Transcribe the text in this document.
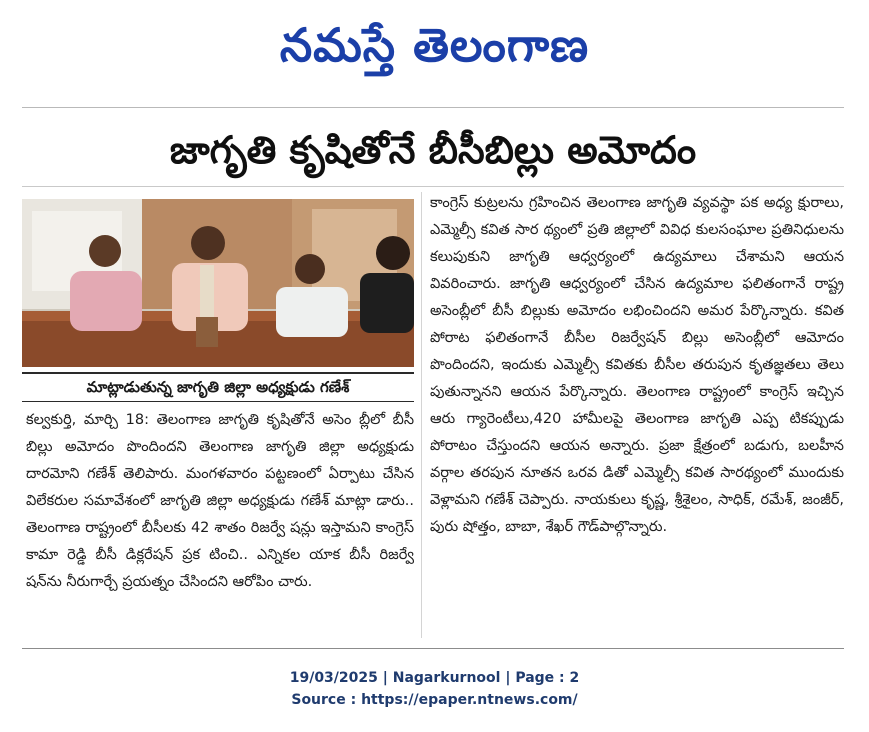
నమస్తే తెలంగాణ
జాగృతి కృషితోనే బీసీబిల్లు అమోదం
మాట్లాడుతున్న జాగృతి జిల్లా అధ్యక్షుడు గణేశ్
కల్వకుర్తి, మార్చి 18: తెలంగాణ జాగృతి కృషితోనే అసెం బ్లీలో బీసీ బిల్లు అమోదం పొందిందని తెలంగాణ జాగృతి జిల్లా అధ్యక్షుడు దారమోని గణేశ్ తెలిపారు. మంగళవారం పట్టణంలో ఏర్పాటు చేసిన విలేకరుల సమావేశంలో జాగృతి జిల్లా అధ్యక్షుడు గణేశ్ మాట్లా డారు.. తెలంగాణ రాష్ట్రంలో బీసీలకు 42 శాతం రిజర్వే షన్లు ఇస్తామని కాంగ్రెస్ కామా రెడ్డి బీసీ డిక్లరేషన్ ప్రక టించి.. ఎన్నికల యాక బీసీ రిజర్వే షన్‌ను నీరుగార్చే ప్రయత్నం చేసిందని ఆరోపిం చారు.
కాంగ్రెస్ కుట్రలను గ్రహించిన తెలంగాణ జాగృతి వ్యవస్థా పక అధ్య క్షురాలు, ఎమ్మెల్సీ కవిత సార థ్యంలో ప్రతి జిల్లాలో వివిధ కులసంఘాల ప్రతినిధులను కలుపుకుని జాగృతి ఆధ్వర్యంలో ఉద్యమాలు చేశామని ఆయన వివరించారు. జాగృతి ఆధ్వర్యంలో చేసిన ఉద్యమాల ఫలితంగానే రాష్ట్ర అసెంబ్లీలో బీసీ బిల్లుకు అమోదం లభించిందని అమర పేర్కొన్నారు. కవిత పోరాట ఫలితంగానే బీసీల రిజర్వేషన్ బిల్లు అసెంబ్లీలో ఆమోదం పొందిందని, ఇందుకు ఎమ్మెల్సీ కవితకు బీసీల తరుపున కృతజ్ఞతలు తెలు పుతున్నానని ఆయన పేర్కొన్నారు. తెలంగాణ రాష్ట్రంలో కాంగ్రెస్ ఇచ్చిన ఆరు గ్యారెంటీలు,420 హామీలపై తెలంగాణ జాగృతి ఎప్ప టికప్పుడు పోరాటం చేస్తుందని ఆయన అన్నారు. ప్రజా క్షేత్రంలో బడుగు, బలహీన వర్గాల తరపున నూతన ఒరవ డితో ఎమ్మెల్సీ కవిత సారథ్యంలో ముందుకు వెళ్లామని గణేశ్ చెప్పారు. నాయకులు కృష్ణ, శ్రీశైలం, సాధిక్, రమేశ్, జంజీర్, పురు షోత్తం, బాబా, శేఖర్ గౌడ్‌పాల్గొన్నారు.
19/03/2025 | Nagarkurnool | Page : 2
Source : https://epaper.ntnews.com/
